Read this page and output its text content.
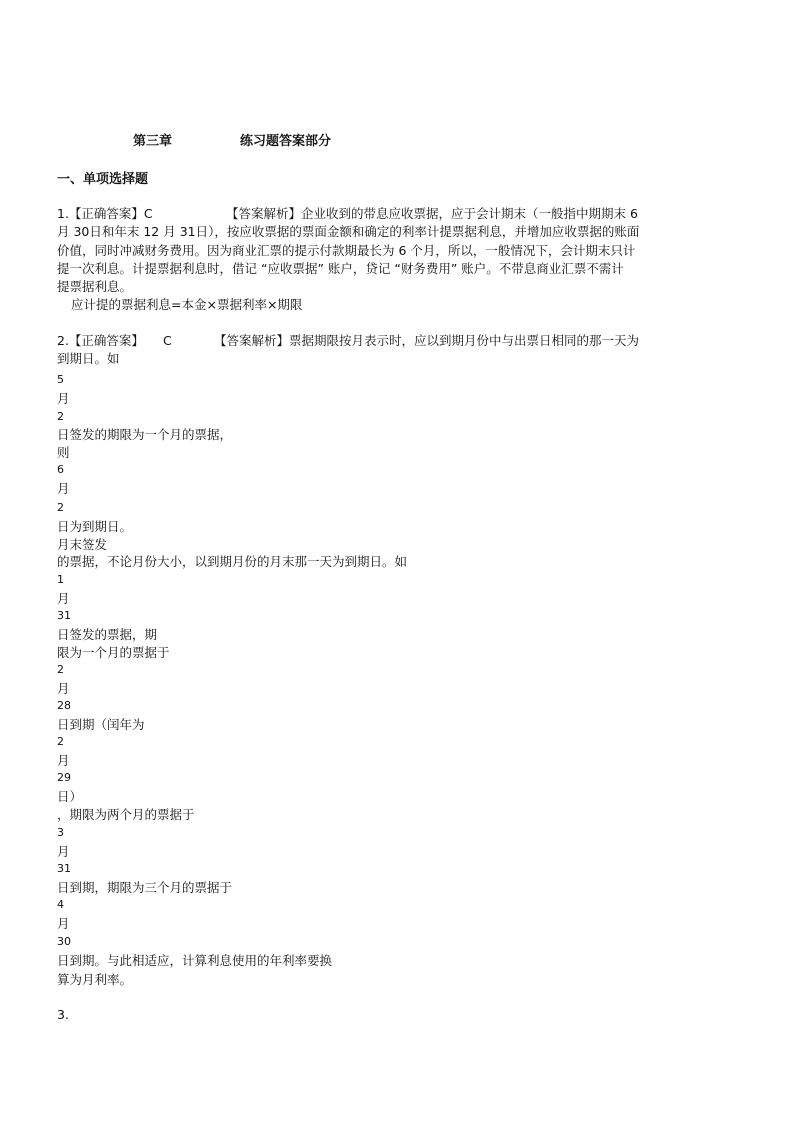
第三章	练习题答案部分
一、单项选择题
1.【正确答案】C	【答案解析】企业收到的带息应收票据，应于会计期末（一般指中期期末 6
月 30日和年末 12 月 31日），按应收票据的票面金额和确定的利率计提票据利息，并增加应收票据的账面
价值，同时冲减财务费用。因为商业汇票的提示付款期最长为 6 个月，所以，一般情况下，会计期末只计
提一次利息。计提票据利息时，借记 “应收票据” 账户，贷记 “财务费用” 账户。不带息商业汇票不需计
提票据利息。
应计提的票据利息=本金×票据利率×期限
2.【正确答案】 C	【答案解析】票据期限按月表示时，应以到期月份中与出票日相同的那一天为
到期日。如
5
月
2
日签发的期限为一个月的票据，
则
6
月
2
日为到期日。
月末签发
的票据，不论月份大小，以到期月份的月末那一天为到期日。如
1
月
31
日签发的票据，期
限为一个月的票据于
2
月
28
日到期（闰年为
2
月
29
日）
，期限为两个月的票据于
3
月
31
日到期，期限为三个月的票据于
4
月
30
日到期。与此相适应，计算利息使用的年利率要换
算为月利率。
3.
